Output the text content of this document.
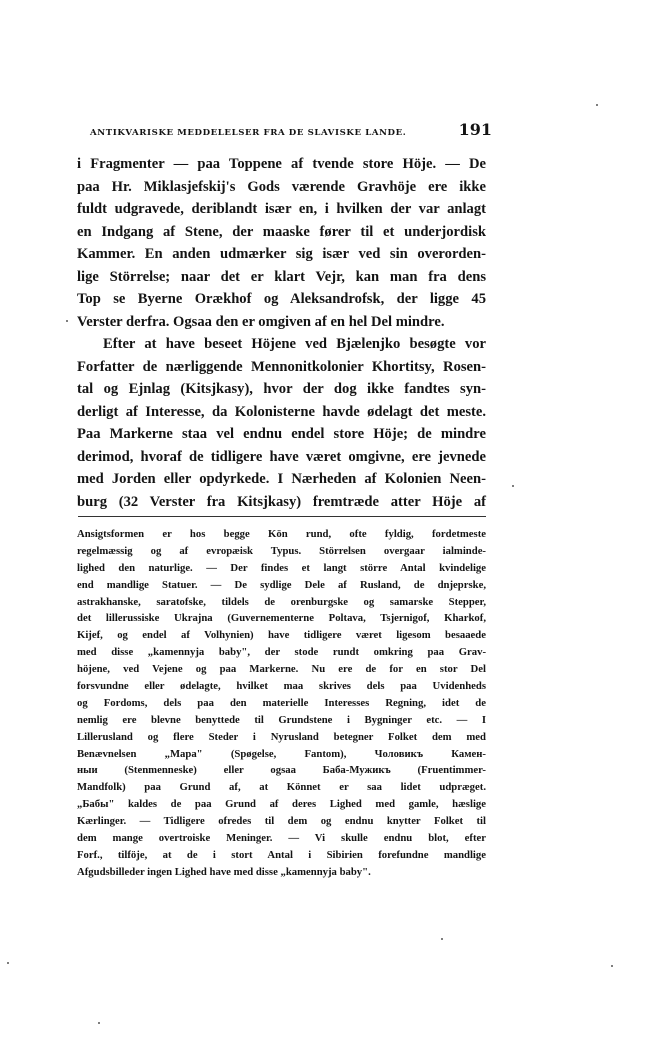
ANTIKVARISKE MEDDELELSER FRA DE SLAVISKE LANDE.	191
i Fragmenter — paa Toppene af tvende store Höje. — De
paa Hr. Miklasjefskij's Gods værende Gravhöje ere ikke
fuldt udgravede, deriblandt især en, i hvilken der var anlagt
en Indgang af Stene, der maaske fører til et underjordisk
Kammer. En anden udmærker sig især ved sin overorden-
lige Störrelse; naar det er klart Vejr, kan man fra dens
Top se Byerne Orækhof og Aleksandrofsk, der ligge 45
Verster derfra. Ogsaa den er omgiven af en hel Del mindre.
Efter at have beseet Höjene ved Bjælenjko besøgte vor
Forfatter de nærliggende Mennonitkolonier Khortitsy, Rosen-
tal og Ejnlag (Kitsjkasy), hvor der dog ikke fandtes syn-
derligt af Interesse, da Kolonisterne havde ødelagt det meste.
Paa Markerne staa vel endnu endel store Höje; de mindre
derimod, hvoraf de tidligere have været omgivne, ere jevnede
med Jorden eller opdyrkede. I Nærheden af Kolonien Neen-
burg (32 Verster fra Kitsjkasy) fremtræde atter Höje af
Ansigtsformen er hos begge Kön rund, ofte fyldig, fordetmeste
regelmæssig og af evropæisk Typus. Störrelsen overgaar ialminde-
lighed den naturlige. — Der findes et langt större Antal kvindelige
end mandlige Statuer. — De sydlige Dele af Rusland, de dnjeprske,
astrakhanske, saratofske, tildels de orenburgske og samarske Stepper,
det lillerussiske Ukrajna (Guvernementerne Poltava, Tsjernigof, Kharkof,
Kijef, og endel af Volhynien) have tidligere været ligesom besaaede
med disse „kamennyja baby", der stode rundt omkring paa Grav-
höjene, ved Vejene og paa Markerne. Nu ere de for en stor Del
forsvundne eller ødelagte, hvilket maa skrives dels paa Uvidenheds
og Fordoms, dels paa den materielle Interesses Regning, idet de
nemlig ere blevne benyttede til Grundstene i Bygninger etc. — I
Lillerusland og flere Steder i Nyrusland betegner Folket dem med
Benævnelsen „Мара" (Spøgelse, Fantom), Чоловикъ Камен-
ныи (Stenmenneske) eller ogsaa Баба-Мужикъ (Fruentimmer-
Mandfolk) paa Grund af, at Könnet er saa lidet udpræget.
„Бабы" kaldes de paa Grund af deres Lighed med gamle, hæslige
Kærlinger. — Tidligere ofredes til dem og endnu knytter Folket til
dem mange overtroiske Meninger. — Vi skulle endnu blot, efter
Forf., tilföje, at de i stort Antal i Sibirien forefundne mandlige
Afgudsbilleder ingen Lighed have med disse „kamennyja baby".
